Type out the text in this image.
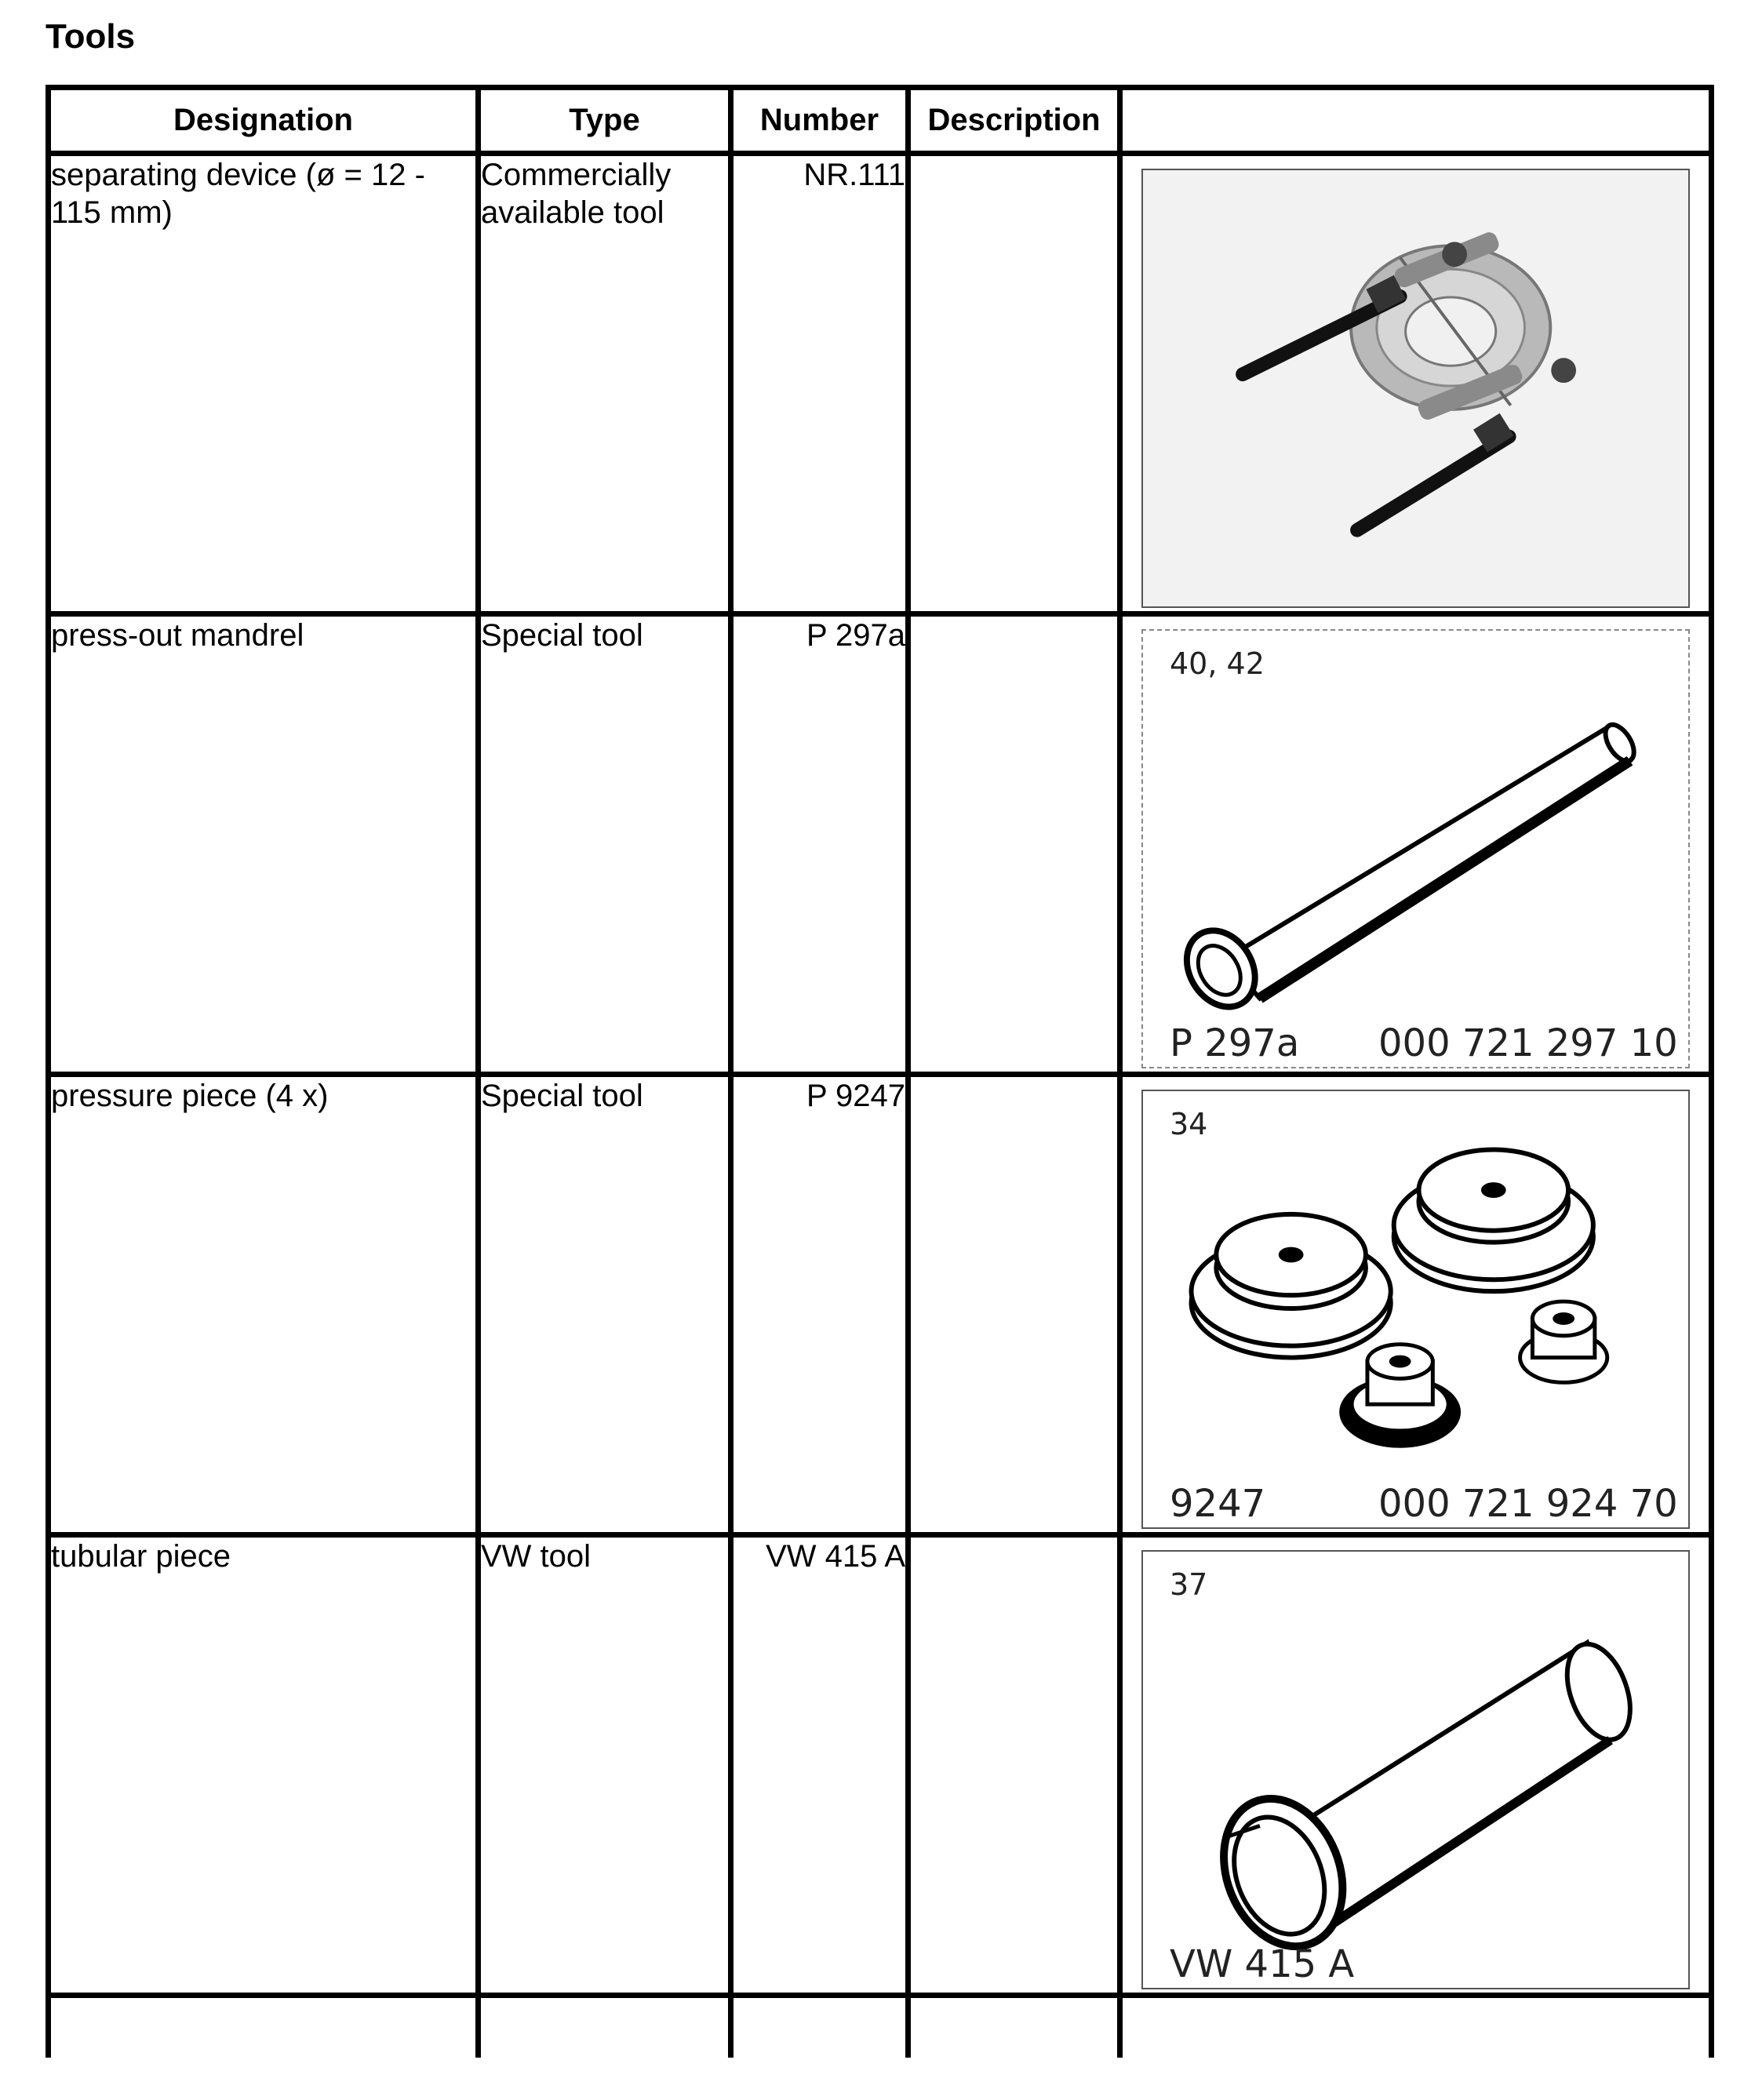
Tools
Designation	Type	Number	Description	
separating device (ø = 12 - 115 mm)	Commercially available tool	NR.111		

press-out mandrel	Special tool	P 297a		40, 42
P 297a 000 721 297 10

pressure piece (4 x)	Special tool	P 9247		34
9247 000 721 924 70

tubular piece	VW tool	VW 415 A		37
VW 415 A
